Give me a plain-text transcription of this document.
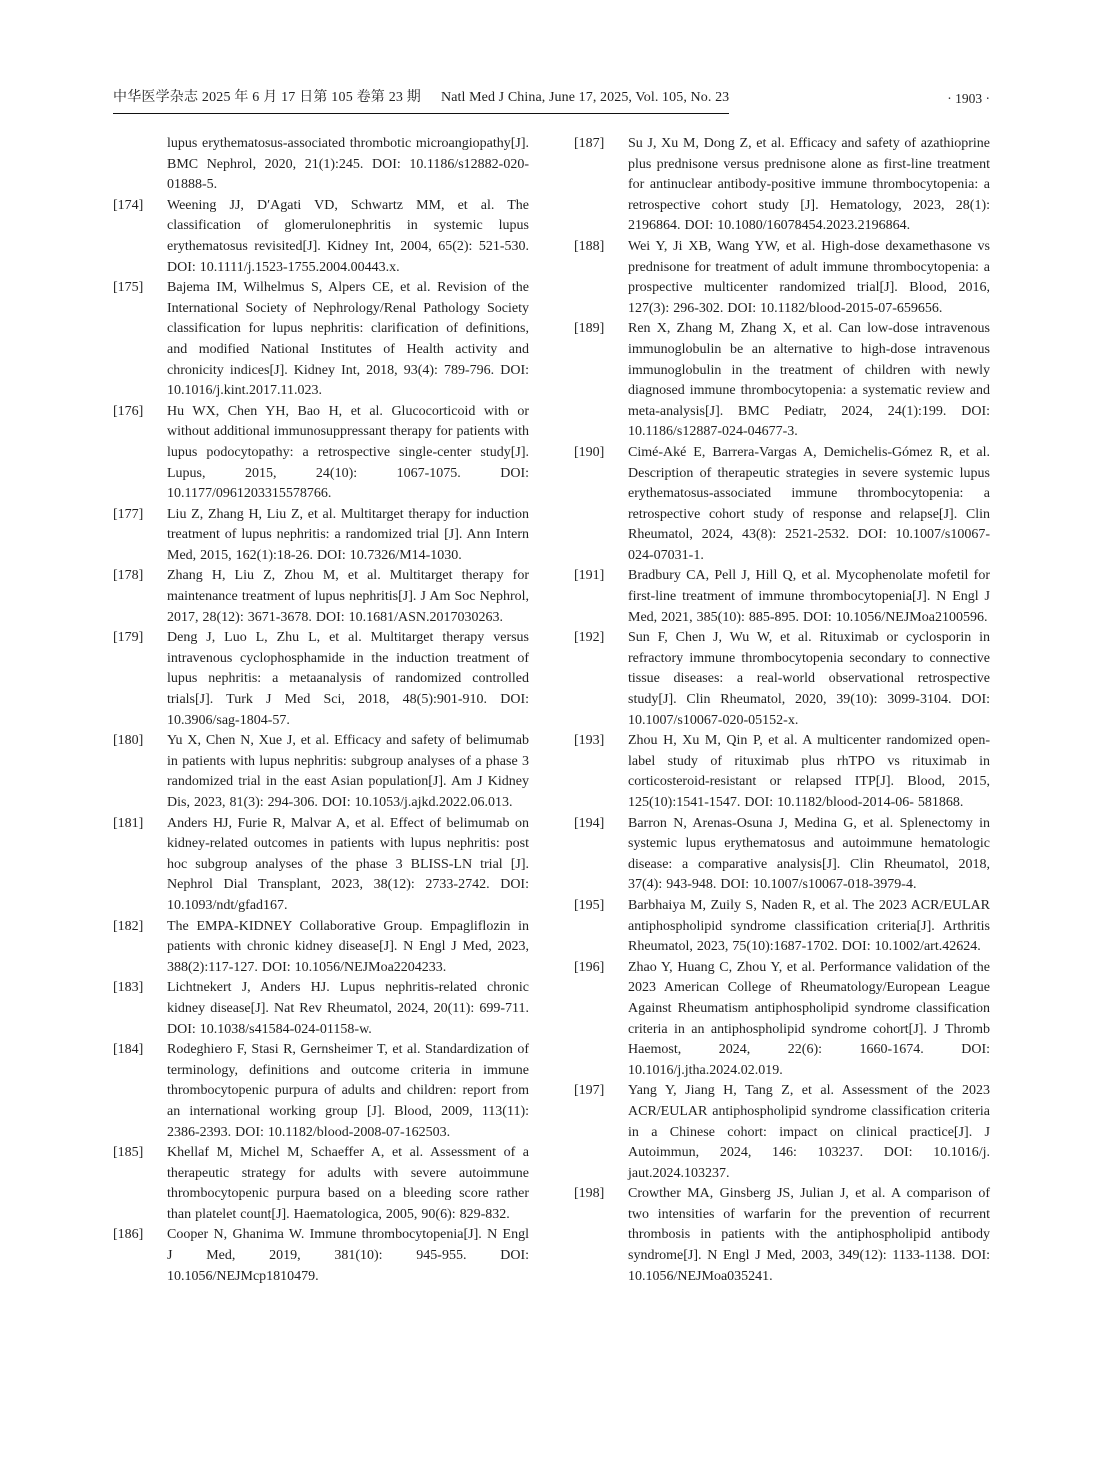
中华医学杂志 2025 年 6 月 17 日第 105 卷第 23 期 Natl Med J China, June 17, 2025, Vol. 105, No. 23	· 1903 ·
lupus erythematosus-associated thrombotic microangiopathy[J]. BMC Nephrol, 2020, 21(1):245. DOI: 10.1186/s12882-020-01888-5.
[174]	Weening JJ, D′Agati VD, Schwartz MM, et al. The classification of glomerulonephritis in systemic lupus erythematosus revisited[J]. Kidney Int, 2004, 65(2): 521-530. DOI: 10.1111/j.1523-1755.2004.00443.x.
[175]	Bajema IM, Wilhelmus S, Alpers CE, et al. Revision of the International Society of Nephrology/Renal Pathology Society classification for lupus nephritis: clarification of definitions, and modified National Institutes of Health activity and chronicity indices[J]. Kidney Int, 2018, 93(4): 789-796. DOI: 10.1016/j.kint.2017.11.023.
[176]	Hu WX, Chen YH, Bao H, et al. Glucocorticoid with or without additional immunosuppressant therapy for patients with lupus podocytopathy: a retrospective single-center study[J]. Lupus, 2015, 24(10): 1067-1075. DOI: 10.1177/0961203315578766.
[177]	Liu Z, Zhang H, Liu Z, et al. Multitarget therapy for induction treatment of lupus nephritis: a randomized trial [J]. Ann Intern Med, 2015, 162(1):18-26. DOI: 10.7326/M14-1030.
[178]	Zhang H, Liu Z, Zhou M, et al. Multitarget therapy for maintenance treatment of lupus nephritis[J]. J Am Soc Nephrol, 2017, 28(12): 3671-3678. DOI: 10.1681/ASN.2017030263.
[179]	Deng J, Luo L, Zhu L, et al. Multitarget therapy versus intravenous cyclophosphamide in the induction treatment of lupus nephritis: a metaanalysis of randomized controlled trials[J]. Turk J Med Sci, 2018, 48(5):901-910. DOI: 10.3906/sag-1804-57.
[180]	Yu X, Chen N, Xue J, et al. Efficacy and safety of belimumab in patients with lupus nephritis: subgroup analyses of a phase 3 randomized trial in the east Asian population[J]. Am J Kidney Dis, 2023, 81(3): 294-306. DOI: 10.1053/j.ajkd.2022.06.013.
[181]	Anders HJ, Furie R, Malvar A, et al. Effect of belimumab on kidney-related outcomes in patients with lupus nephritis: post hoc subgroup analyses of the phase 3 BLISS-LN trial [J]. Nephrol Dial Transplant, 2023, 38(12): 2733-2742. DOI: 10.1093/ndt/gfad167.
[182]	The EMPA-KIDNEY Collaborative Group. Empagliflozin in patients with chronic kidney disease[J]. N Engl J Med, 2023, 388(2):117-127. DOI: 10.1056/NEJMoa2204233.
[183]	Lichtnekert J, Anders HJ. Lupus nephritis-related chronic kidney disease[J]. Nat Rev Rheumatol, 2024, 20(11): 699-711. DOI: 10.1038/s41584-024-01158-w.
[184]	Rodeghiero F, Stasi R, Gernsheimer T, et al. Standardization of terminology, definitions and outcome criteria in immune thrombocytopenic purpura of adults and children: report from an international working group [J]. Blood, 2009, 113(11): 2386-2393. DOI: 10.1182/blood-2008-07-162503.
[185]	Khellaf M, Michel M, Schaeffer A, et al. Assessment of a therapeutic strategy for adults with severe autoimmune thrombocytopenic purpura based on a bleeding score rather than platelet count[J]. Haematologica, 2005, 90(6): 829-832.
[186]	Cooper N, Ghanima W. Immune thrombocytopenia[J]. N Engl J Med, 2019, 381(10): 945-955. DOI: 10.1056/NEJMcp1810479.
[187]	Su J, Xu M, Dong Z, et al. Efficacy and safety of azathioprine plus prednisone versus prednisone alone as first-line treatment for antinuclear antibody-positive immune thrombocytopenia: a retrospective cohort study [J]. Hematology, 2023, 28(1): 2196864. DOI: 10.1080/16078454.2023.2196864.
[188]	Wei Y, Ji XB, Wang YW, et al. High-dose dexamethasone vs prednisone for treatment of adult immune thrombocytopenia: a prospective multicenter randomized trial[J]. Blood, 2016, 127(3): 296-302. DOI: 10.1182/blood-2015-07-659656.
[189]	Ren X, Zhang M, Zhang X, et al. Can low-dose intravenous immunoglobulin be an alternative to high-dose intravenous immunoglobulin in the treatment of children with newly diagnosed immune thrombocytopenia: a systematic review and meta-analysis[J]. BMC Pediatr, 2024, 24(1):199. DOI: 10.1186/s12887-024-04677-3.
[190]	Cimé-Aké E, Barrera-Vargas A, Demichelis-Gómez R, et al. Description of therapeutic strategies in severe systemic lupus erythematosus-associated immune thrombocytopenia: a retrospective cohort study of response and relapse[J]. Clin Rheumatol, 2024, 43(8): 2521-2532. DOI: 10.1007/s10067-024-07031-1.
[191]	Bradbury CA, Pell J, Hill Q, et al. Mycophenolate mofetil for first-line treatment of immune thrombocytopenia[J]. N Engl J Med, 2021, 385(10): 885-895. DOI: 10.1056/NEJMoa2100596.
[192]	Sun F, Chen J, Wu W, et al. Rituximab or cyclosporin in refractory immune thrombocytopenia secondary to connective tissue diseases: a real-world observational retrospective study[J]. Clin Rheumatol, 2020, 39(10): 3099-3104. DOI: 10.1007/s10067-020-05152-x.
[193]	Zhou H, Xu M, Qin P, et al. A multicenter randomized open-label study of rituximab plus rhTPO vs rituximab in corticosteroid-resistant or relapsed ITP[J]. Blood, 2015, 125(10):1541-1547. DOI: 10.1182/blood-2014-06- 581868.
[194]	Barron N, Arenas-Osuna J, Medina G, et al. Splenectomy in systemic lupus erythematosus and autoimmune hematologic disease: a comparative analysis[J]. Clin Rheumatol, 2018, 37(4): 943-948. DOI: 10.1007/s10067-018-3979-4.
[195]	Barbhaiya M, Zuily S, Naden R, et al. The 2023 ACR/EULAR antiphospholipid syndrome classification criteria[J]. Arthritis Rheumatol, 2023, 75(10):1687-1702. DOI: 10.1002/art.42624.
[196]	Zhao Y, Huang C, Zhou Y, et al. Performance validation of the 2023 American College of Rheumatology/European League Against Rheumatism antiphospholipid syndrome classification criteria in an antiphospholipid syndrome cohort[J]. J Thromb Haemost, 2024, 22(6): 1660-1674. DOI: 10.1016/j.jtha.2024.02.019.
[197]	Yang Y, Jiang H, Tang Z, et al. Assessment of the 2023 ACR/EULAR antiphospholipid syndrome classification criteria in a Chinese cohort: impact on clinical practice[J]. J Autoimmun, 2024, 146: 103237. DOI: 10.1016/j. jaut.2024.103237.
[198]	Crowther MA, Ginsberg JS, Julian J, et al. A comparison of two intensities of warfarin for the prevention of recurrent thrombosis in patients with the antiphospholipid antibody syndrome[J]. N Engl J Med, 2003, 349(12): 1133-1138. DOI: 10.1056/NEJMoa035241.
